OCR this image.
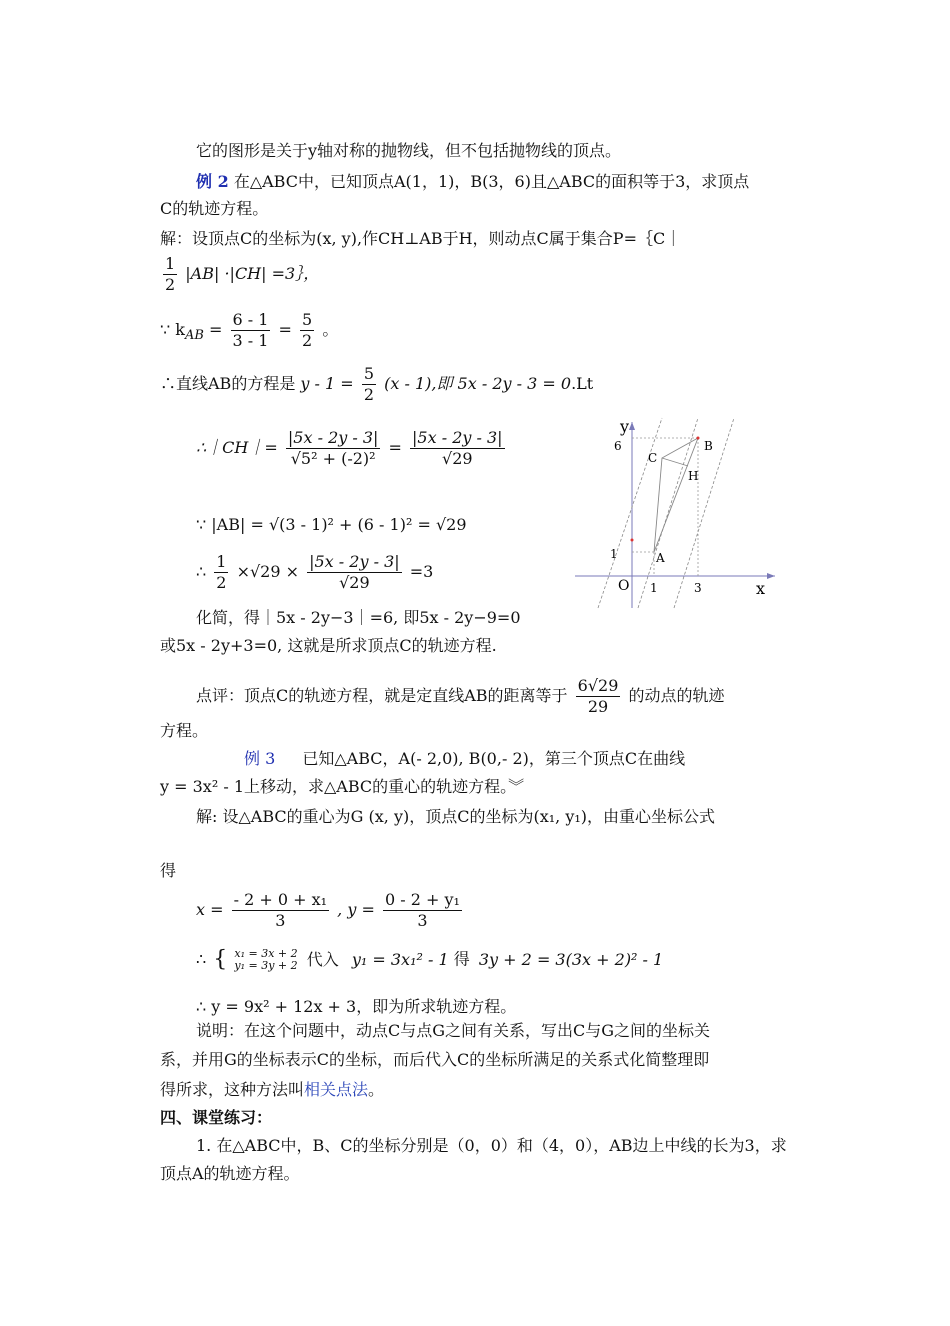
它的图形是关于y轴对称的抛物线，但不包括抛物线的顶点。
例 2 在△ABC中，已知顶点A(1，1)，B(3，6)且△ABC的面积等于3，求顶点
C的轨迹方程。
解：设顶点C的坐标为(x, y),作CH⊥AB于H，则动点C属于集合P=｛C｜
$\frac{1}{2} |AB| \cdot|CH|$ =3｝，
∵ $k_{AB} = \frac{6 - 1}{3 - 1} = \frac{5}{2}$ 。
∴直线AB的方程是 $y - 1 = \frac{5}{2} (x - 1)$,即 5x - 2y - 3 = 0.Lt
∴｜CH｜= $\frac{|5x - 2y - 3|}{\text{√5² + (-2)²}} = \frac{|5x - 2y - 3|}{√29}$
∵ |AB| = √(3 - 1)² + (6 - 1)² = √29
∴ $\frac{1}{2} \times√29 \times \frac{|5x - 2y - 3|}{√29} =3$
化简，得｜5x - 2y−3｜=6, 即5x - 2y−9=0
或5x - 2y+3=0, 这就是所求顶点C的轨迹方程.
点评：顶点C的轨迹方程，就是定直线AB的距离等于 $\frac{6√29}{29}$ 的动点的轨迹
方程。
y
x
O
6
1
1	3
B
C
H
A
例 3 已知△ABC，A(- 2,0), B(0,- 2)，第三个顶点C在曲线
y = 3x² - 1上移动，求△ABC的重心的轨迹方程。︾
解: 设△ABC的重心为G (x, y)，顶点C的坐标为(x₁, y₁)，由重心坐标公式
得
$x = \frac{\text{- 2 + 0 + x₁}}{3}$ , $y = \frac{\text{0 - 2 + y₁}}{3}$
∴ { x₁ = 3x + 2
y₁ = 3y + 2 代入 y₁ = 3x₁² - 1 得 3y + 2 = 3(3x + 2)² - 1
∴ y = 9x² + 12x + 3，即为所求轨迹方程。
说明：在这个问题中，动点C与点G之间有关系，写出C与G之间的坐标关
系，并用G的坐标表示C的坐标，而后代入C的坐标所满足的关系式化简整理即
得所求，这种方法叫相关点法。
四、课堂练习：
1. 在△ABC中，B、C的坐标分别是（0，0）和（4，0），AB边上中线的长为3，求
顶点A的轨迹方程。
